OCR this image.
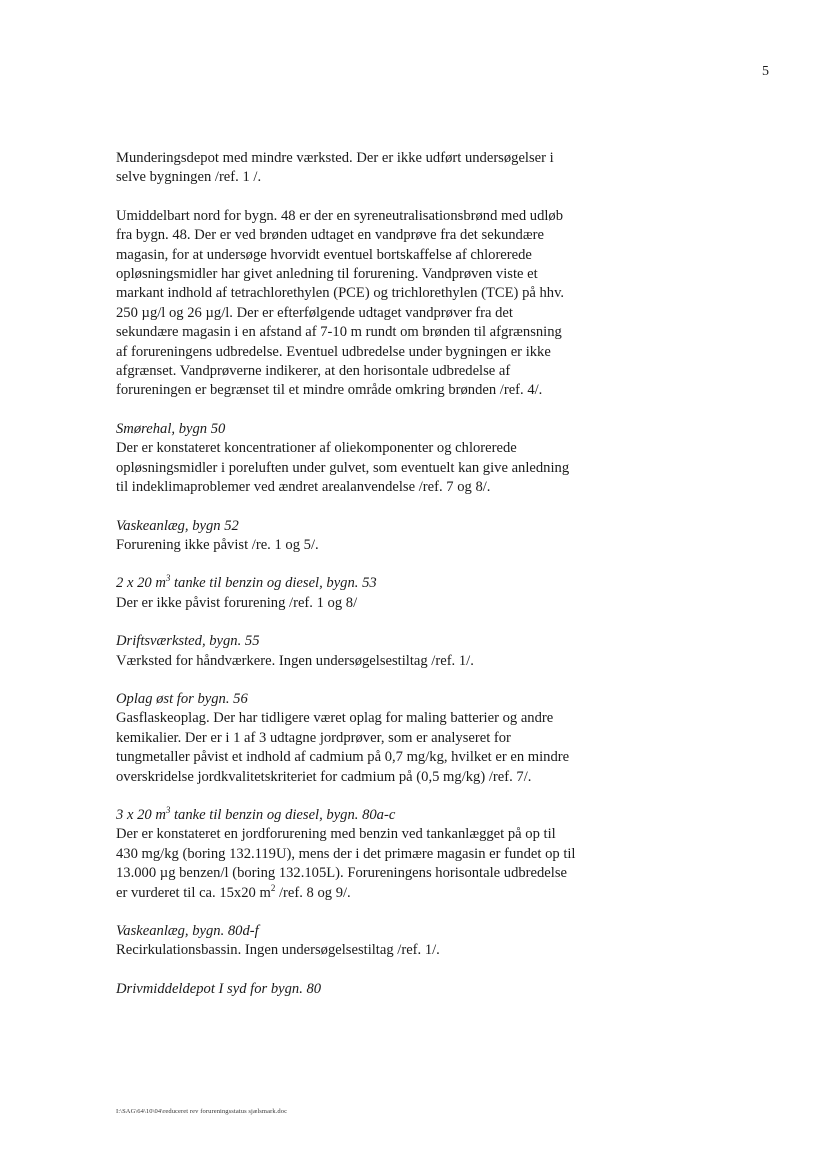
5

Munderingsdepot med mindre værksted. Der er ikke udført undersøgelser i selve bygningen /ref. 1 /.

Umiddelbart nord for bygn. 48 er der en syreneutralisationsbrønd med udløb fra bygn. 48. Der er ved brønden udtaget en vandprøve fra det sekundære magasin, for at undersøge hvorvidt eventuel bortskaffelse af chlorerede opløsningsmidler har givet anledning til forurening. Vandprøven viste et markant indhold af tetrachlorethylen (PCE) og trichlorethylen (TCE) på hhv. 250 µg/l og 26 µg/l. Der er efterfølgende udtaget vandprøver fra det sekundære magasin i en afstand af 7-10 m rundt om brønden til afgrænsning af forureningens udbredelse. Eventuel udbredelse under bygningen er ikke afgrænset. Vandprøverne indikerer, at den horisontale udbredelse af forureningen er begrænset til et mindre område omkring brønden /ref. 4/.

Smørehal, bygn 50
Der er konstateret koncentrationer af oliekomponenter og chlorerede opløsningsmidler i poreluften under gulvet, som eventuelt kan give anledning til indeklimaproblemer ved ændret arealanvendelse /ref. 7 og 8/.
Vaskeanlæg, bygn 52
Forurening ikke påvist /re. 1 og 5/.
2 x 20 $m^3$ tanke til benzin og diesel, bygn. 53
Der er ikke påvist forurening /ref. 1 og 8/
Driftsværksted, bygn. 55
Værksted for håndværkere. Ingen undersøgelsestiltag /ref. 1/.
Oplag øst for bygn. 56
Gasflaskeoplag. Der har tidligere været oplag for maling batterier og andre kemikalier. Der er i 1 af 3 udtagne jordprøver, som er analyseret for tungmetaller påvist et indhold af cadmium på 0,7 mg/kg, hvilket er en mindre overskridelse jordkvalitetskriteriet for cadmium på (0,5 mg/kg) /ref. 7/.
3 x 20 $m^3$ tanke til benzin og diesel, bygn. 80a-c
Der er konstateret en jordforurening med benzin ved tankanlægget på op til 430 mg/kg (boring 132.119U), mens der i det primære magasin er fundet op til 13.000 µg benzen/l (boring 132.105L). Forureningens horisontale udbredelse er vurderet til ca. 15x20 $m^2$ /ref. 8 og 9/.
Vaskeanlæg, bygn. 80d-f
Recirkulationsbassin. Ingen undersøgelsestiltag /ref. 1/.
Drivmiddeldepot I syd for bygn. 80
I:\SAG\64\10\04\reduceret rev forureningsstatus sjælsmark.doc
